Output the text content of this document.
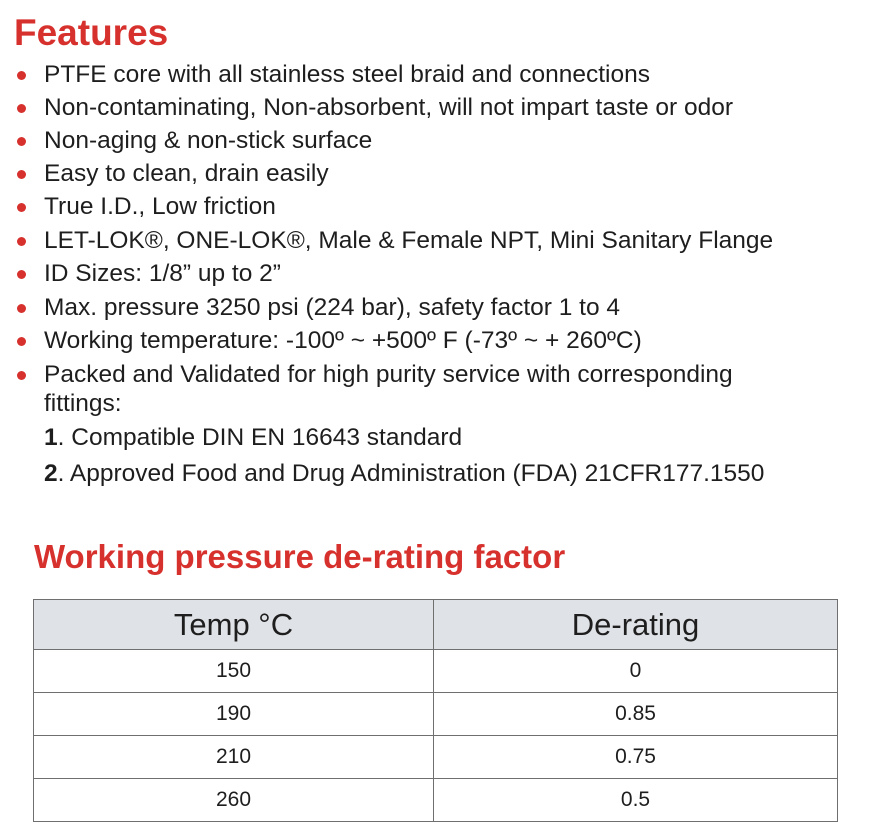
Features
PTFE core with all stainless steel braid and connections
Non-contaminating, Non-absorbent, will not impart taste or odor
Non-aging & non-stick surface
Easy to clean, drain easily
True I.D., Low friction
LET-LOK®, ONE-LOK®, Male & Female NPT, Mini Sanitary Flange
ID Sizes: 1/8” up to 2”
Max. pressure 3250 psi (224 bar), safety factor 1 to 4
Working temperature: -100º ~ +500º F (-73º ~ + 260ºC)
Packed and Validated for high purity service with corresponding fittings:
1. Compatible DIN EN 16643 standard
2. Approved Food and Drug Administration (FDA) 21CFR177.1550
Working pressure de-rating factor
Temp °C	De-rating
150	0
190	0.85
210	0.75
260	0.5
